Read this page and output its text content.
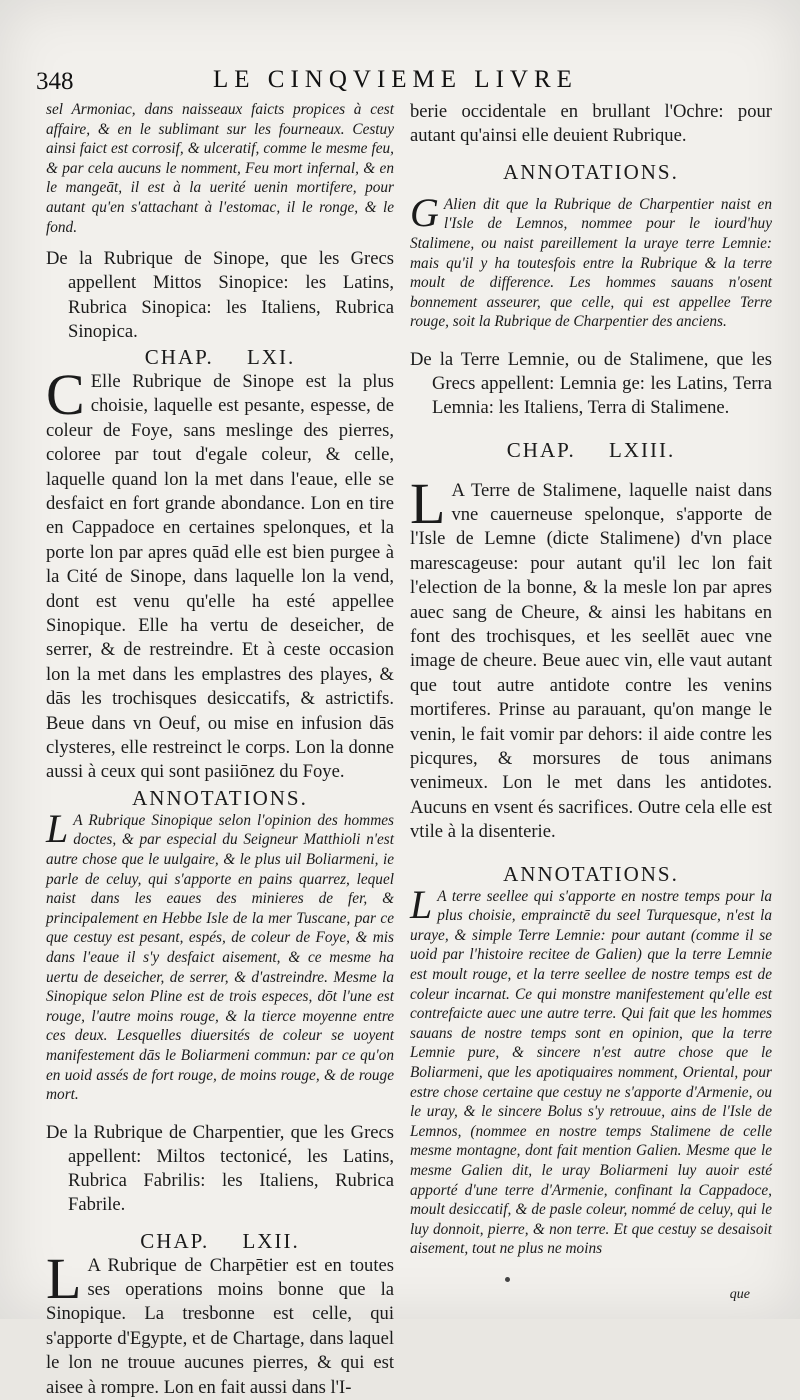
348	LE CINQVIEME LIVRE

sel Armoniac, dans naisseaux faicts propices à cest affaire, & en le sublimant sur les fourneaux. Cestuy ainsi faict est corrosif, & ulceratif, comme le mesme feu, & par cela aucuns le nomment, Feu mort infernal, & en le mangeāt, il est à la uerité uenin mortifere, pour autant qu'en s'attachant à l'estomac, il le ronge, & le fond.

De la Rubrique de Sinope, que les Grecs appellent Mittos Sinopice: les Latins, Rubrica Sinopica: les Italiens, Rubrica Sinopica.

CHAP. LXI.

C Elle Rubrique de Sinope est la plus choisie, laquelle est pesante, espesse, de coleur de Foye, sans meslinge des pierres, coloree par tout d'egale coleur, & celle, laquelle quand lon la met dans l'eaue, elle se desfaict en fort grande abondance. Lon en tire en Cappadoce en certaines spelonques, et la porte lon par apres quād elle est bien purgee à la Cité de Sinope, dans laquelle lon la vend, dont est venu qu'elle ha esté appellee Sinopique. Elle ha vertu de deseicher, de serrer, & de restreindre. Et à ceste occasion lon la met dans les emplastres des playes, & dās les trochisques desiccatifs, & astrictifs. Beue dans vn Oeuf, ou mise en infusion dās clysteres, elle restreinct le corps. Lon la donne aussi à ceux qui sont pasiiōnez du Foye.

ANNOTATIONS.

L A Rubrique Sinopique selon l'opinion des hommes doctes, & par especial du Seigneur Matthioli n'est autre chose que le uulgaire, & le plus uil Boliarmeni, ie parle de celuy, qui s'apporte en pains quarrez, lequel naist dans les eaues des minieres de fer, & principalement en Hebbe Isle de la mer Tuscane, par ce que cestuy est pesant, espés, de coleur de Foye, & mis dans l'eaue il s'y desfaict aisement, & ce mesme ha uertu de deseicher, de serrer, & d'astreindre. Mesme la Sinopique selon Pline est de trois especes, dōt l'une est rouge, l'autre moins rouge, & la tierce moyenne entre ces deux. Lesquelles diuersités de coleur se uoyent manifestement dās le Boliarmeni commun: par ce qu'on en uoid assés de fort rouge, de moins rouge, & de rouge mort.

De la Rubrique de Charpentier, que les Grecs appellent: Miltos tectonicé, les Latins, Rubrica Fabrilis: les Italiens, Rubrica Fabrile.

CHAP. LXII.

L A Rubrique de Charpētier est en toutes ses operations moins bonne que la Sinopique. La tresbonne est celle, qui s'apporte d'Egypte, et de Chartage, dans laquel le lon ne trouue aucunes pierres, & qui est aisee à rompre. Lon en fait aussi dans l'I-

berie occidentale en brullant l'Ochre: pour autant qu'ainsi elle deuient Rubrique.

ANNOTATIONS.

G Alien dit que la Rubrique de Charpentier naist en l'Isle de Lemnos, nommee pour le iourd'huy Stalimene, ou naist pareillement la uraye terre Lemnie: mais qu'il y ha toutesfois entre la Rubrique & la terre moult de difference. Les hommes sauans n'osent bonnement asseurer, que celle, qui est appellee Terre rouge, soit la Rubrique de Charpentier des anciens.

De la Terre Lemnie, ou de Stalimene, que les Grecs appellent: Lemnia ge: les Latins, Terra Lemnia: les Italiens, Terra di Stalimene.

CHAP. LXIII.

L A Terre de Stalimene, laquelle naist dans vne cauerneuse spelonque, s'apporte de l'Isle de Lemne (dicte Stalimene) d'vn place marescageuse: pour autant qu'il lec lon fait l'election de la bonne, & la mesle lon par apres auec sang de Cheure, & ainsi les habitans en font des trochisques, et les seellēt auec vne image de cheure. Beue auec vin, elle vaut autant que tout autre antidote contre les venins mortiferes. Prinse au parauant, qu'on mange le venin, le fait vomir par dehors: il aide contre les picqures, & morsures de tous animans venimeux. Lon le met dans les antidotes. Aucuns en vsent és sacrifices. Outre cela elle est vtile à la disenterie.

ANNOTATIONS.

L A terre seellee qui s'apporte en nostre temps pour la plus choisie, emprainctē du seel Turquesque, n'est la uraye, & simple Terre Lemnie: pour autant (comme il se uoid par l'histoire recitee de Galien) que la terre Lemnie est moult rouge, et la terre seellee de nostre temps est de coleur incarnat. Ce qui monstre manifestement qu'elle est contrefaicte auec une autre terre. Qui fait que les hommes sauans de nostre temps sont en opinion, que la terre Lemnie pure, & sincere n'est autre chose que le Boliarmeni, que les apotiquaires nomment, Oriental, pour estre chose certaine que cestuy ne s'apporte d'Armenie, ou le uray, & le sincere Bolus s'y retrouue, ains de l'Isle de Lemnos, (nommee en nostre temps Stalimene de celle mesme montagne, dont fait mention Galien. Mesme que le mesme Galien dit, le uray Boliarmeni luy auoir esté apporté d'une terre d'Armenie, confinant la Cappadoce, moult desiccatif, & de pasle coleur, nommé de celuy, qui le luy donnoit, pierre, & non terre. Et que cestuy se desaisoit aisement, tout ne plus ne moins

que
